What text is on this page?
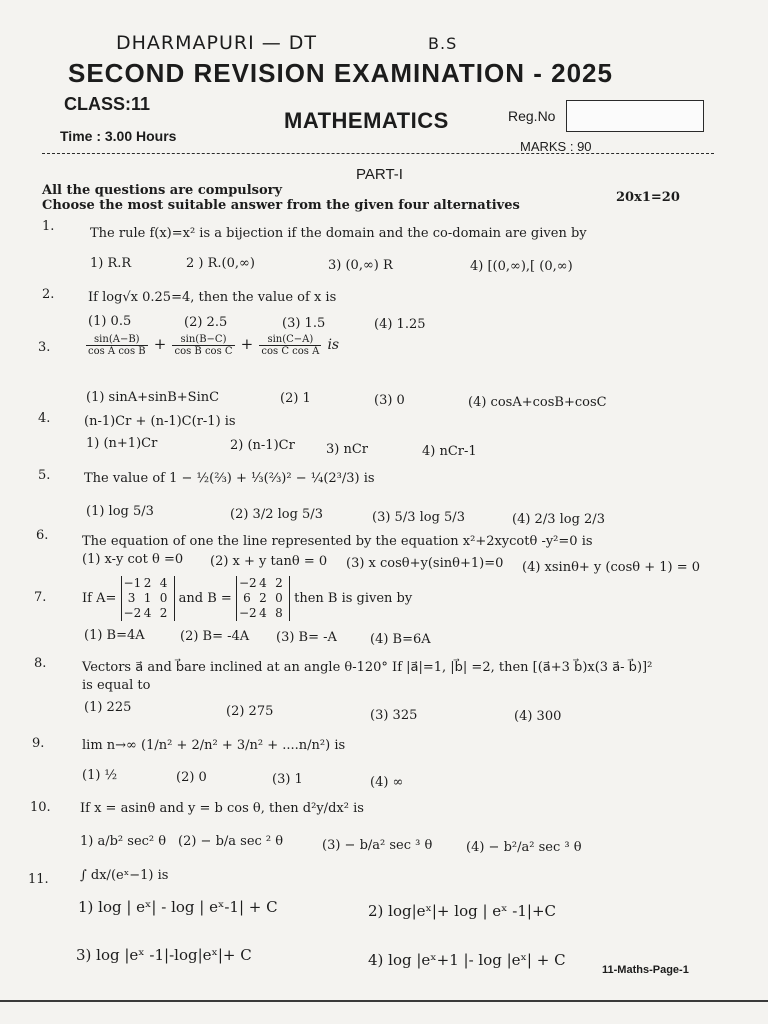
DHARMAPURI — DT	B.S
SECOND REVISION EXAMINATION - 2025
CLASS:11
MATHEMATICS	Reg.No
Time : 3.00 Hours
MARKS : 90
PART-I
All the questions are compulsory
Choose the most suitable answer from the given four alternatives
20x1=20
1.	The rule f(x)=x² is a bijection if the domain and the co-domain are given by
1) R.R	2 ) R.(0,∞)	3) (0,∞) R	4) [(0,∞),[ (0,∞)
2.	If log√x 0.25=4, then the value of x is
(1) 0.5	(2) 2.5	(3) 1.5	(4) 1.25
3.	$\frac{\sin(A-B)}{\text{cos A cos B}} + \frac{\sin(B-C)}{\text{cos B cos C}} + \frac{\sin(C-A)}{\text{cos C cos A}}$ is
(1) sinA+sinB+SinC	(2) 1	(3) 0	(4) cosA+cosB+cosC
4.	(n-1)Cr + (n-1)C(r-1) is
1) (n+1)Cr	2) (n-1)Cr 3) nCr	4) nCr-1
5.	The value of 1 − ½(⅔) + ⅓(⅔)² − ¼(2³/3) is
(1) log 5/3	(2) 3/2 log 5/3	(3) 5/3 log 5/3	(4) 2/3 log 2/3
6.	The equation of one the line represented by the equation x²+2xycotθ -y²=0 is
(1) x-y cot θ =0 (2) x + y tanθ = 0 (3) x cosθ+y(sinθ+1)=0 (4) xsinθ+ y (cosθ + 1) = 0
7.	If A=
−1 2 4
3 1 0
−2 4 2
and B =
−2 4 2
6 2 0
−2 4 8
then B is given by
(1) B=4A	(2) B= -4A (3) B= -A	(4) B=6A
8.	Vectors a⃗ and b⃗are inclined at an angle θ-120° If |a⃗|=1, |b⃗| =2, then [(a⃗+3 b⃗)x(3 a⃗- b⃗)]²
is equal to
(1) 225	(2) 275	(3) 325	(4) 300
9.	lim n→∞ (1/n² + 2/n² + 3/n² + ....n/n²) is
(1) ½	(2) 0	(3) 1	(4) ∞
10. If x = asinθ and y = b cos θ, then d²y/dx² is
1) a/b² sec² θ (2) − b/a sec ² θ	(3) − b/a² sec ³ θ	(4) − b²/a² sec ³ θ
11. ∫ dx/(eˣ−1) is
1) log | eˣ| - log | eˣ-1| + C	2) log|eˣ|+ log | eˣ -1|+C
3) log |eˣ -1|-log|eˣ|+ C	4) log |eˣ+1 |- log |eˣ| + C
11-Maths-Page-1
